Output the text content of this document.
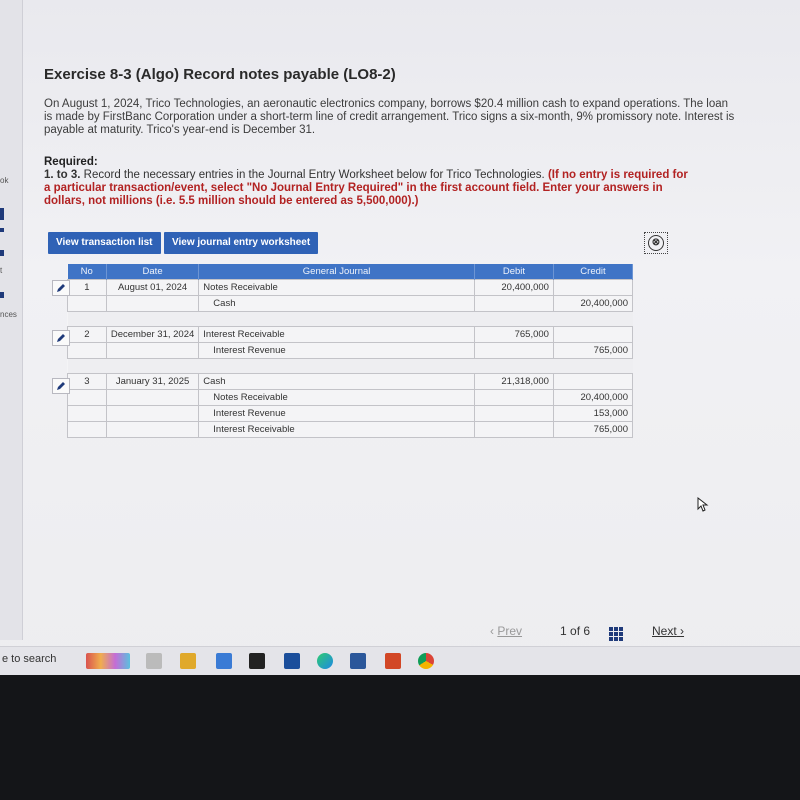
ok
t
nces
Exercise 8-3 (Algo) Record notes payable (LO8-2)
On August 1, 2024, Trico Technologies, an aeronautic electronics company, borrows $20.4 million cash to expand operations. The loan is made by FirstBanc Corporation under a short-term line of credit arrangement. Trico signs a six-month, 9% promissory note. Interest is payable at maturity. Trico's year-end is December 31.
Required:
1. to 3. Record the necessary entries in the Journal Entry Worksheet below for Trico Technologies. (If no entry is required for a particular transaction/event, select "No Journal Entry Required" in the first account field. Enter your answers in dollars, not millions (i.e. 5.5 million should be entered as 5,500,000).)
View transaction list	View journal entry worksheet	⊗
No	Date	General Journal	Debit	Credit
1	August 01, 2024	Notes Receivable	20,400,000	
		Cash		20,400,000

2	December 31, 2024	Interest Receivable	765,000	
		Interest Revenue		765,000

3	January 31, 2025	Cash	21,318,000	
		Notes Receivable		20,400,000
		Interest Revenue		153,000
		Interest Receivable		765,000
‹ Prev	1 of 6	Next ›
e to search
